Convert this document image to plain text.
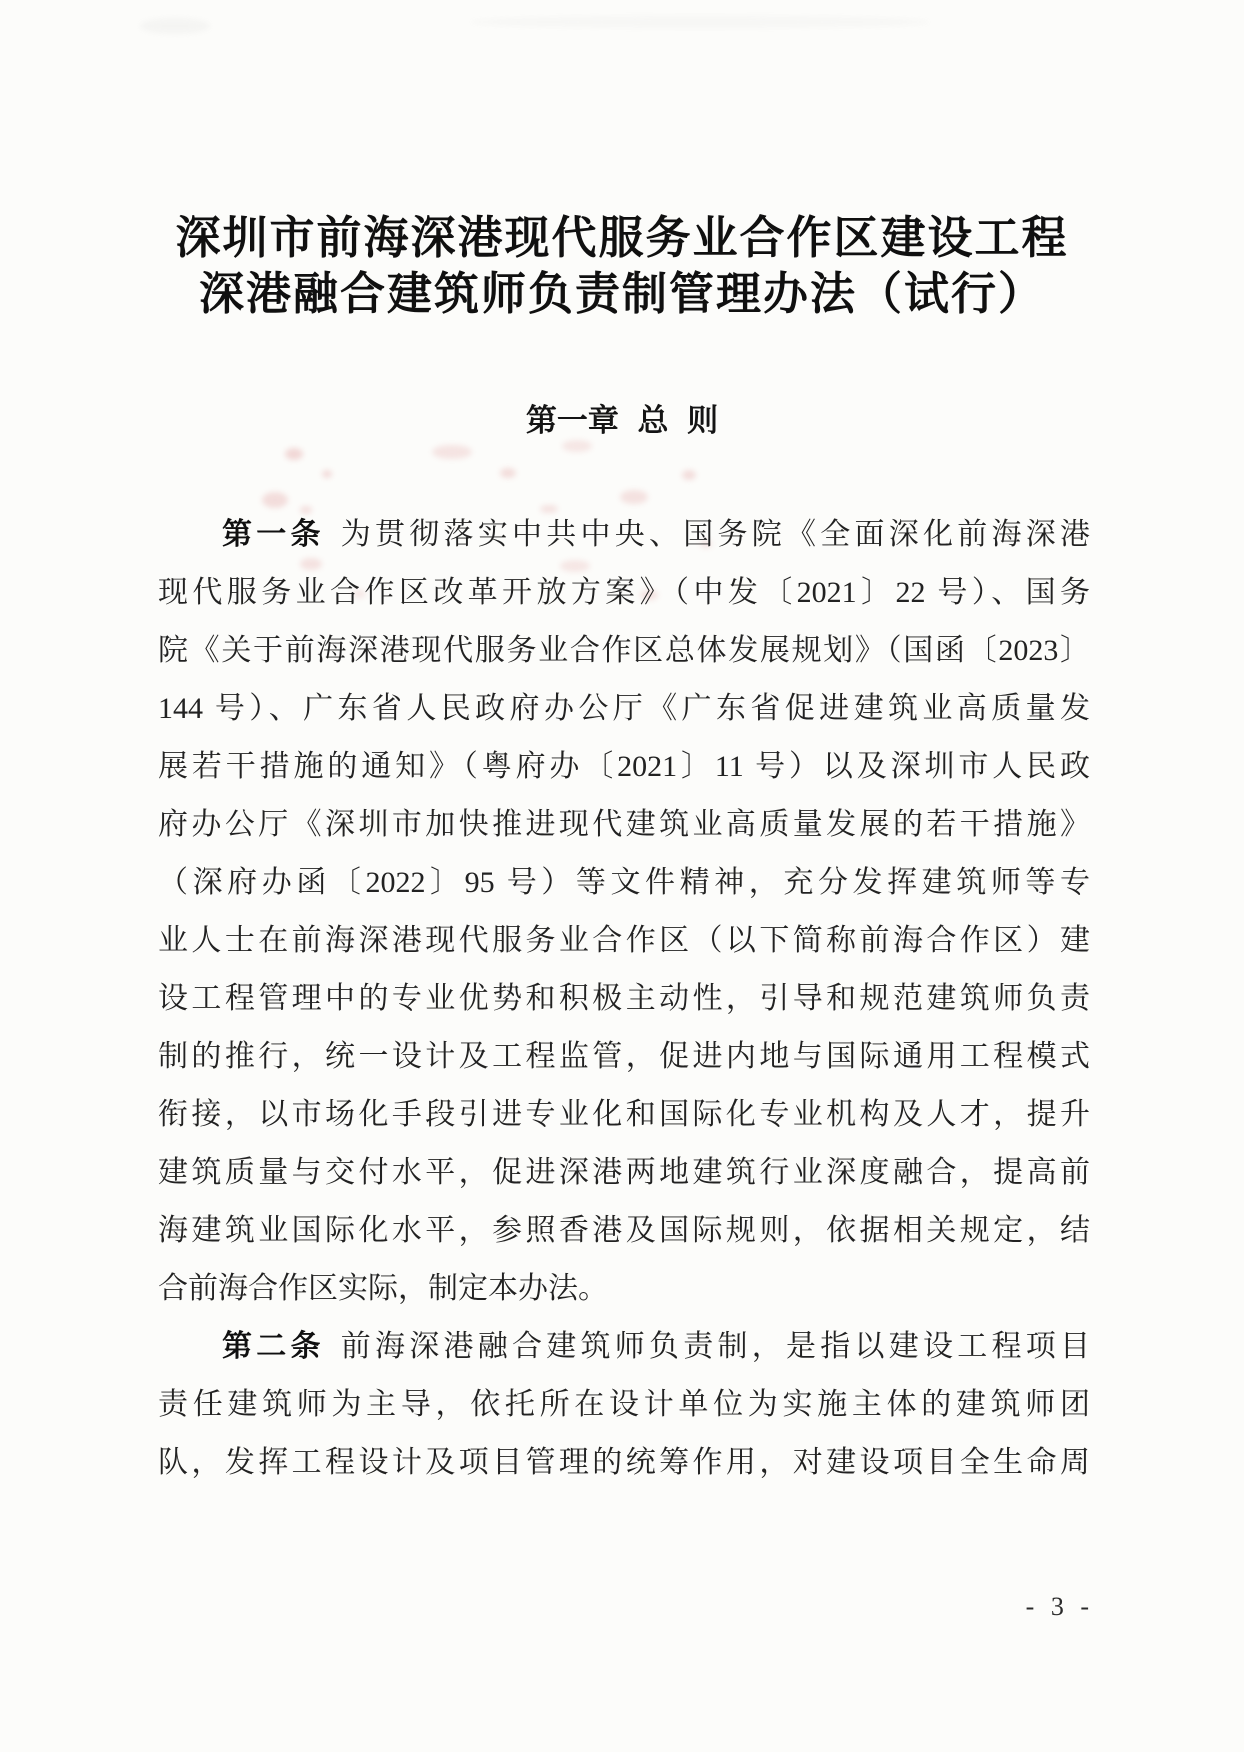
深圳市前海深港现代服务业合作区建设工程
深港融合建筑师负责制管理办法（试行）
第一章 总 则
第一条 为贯彻落实中共中央、国务院《全面深化前海深港
现代服务业合作区改革开放方案》（中发〔2021〕22 号）、国务
院《关于前海深港现代服务业合作区总体发展规划》（国函〔2023〕
144 号）、广东省人民政府办公厅《广东省促进建筑业高质量发
展若干措施的通知》（粤府办〔2021〕11 号）以及深圳市人民政
府办公厅《深圳市加快推进现代建筑业高质量发展的若干措施》
（深府办函〔2022〕95 号）等文件精神，充分发挥建筑师等专
业人士在前海深港现代服务业合作区（以下简称前海合作区）建
设工程管理中的专业优势和积极主动性，引导和规范建筑师负责
制的推行，统一设计及工程监管，促进内地与国际通用工程模式
衔接，以市场化手段引进专业化和国际化专业机构及人才，提升
建筑质量与交付水平，促进深港两地建筑行业深度融合，提高前
海建筑业国际化水平，参照香港及国际规则，依据相关规定，结
合前海合作区实际，制定本办法。
第二条 前海深港融合建筑师负责制，是指以建设工程项目
责任建筑师为主导，依托所在设计单位为实施主体的建筑师团
队，发挥工程设计及项目管理的统筹作用，对建设项目全生命周
- 3 -
